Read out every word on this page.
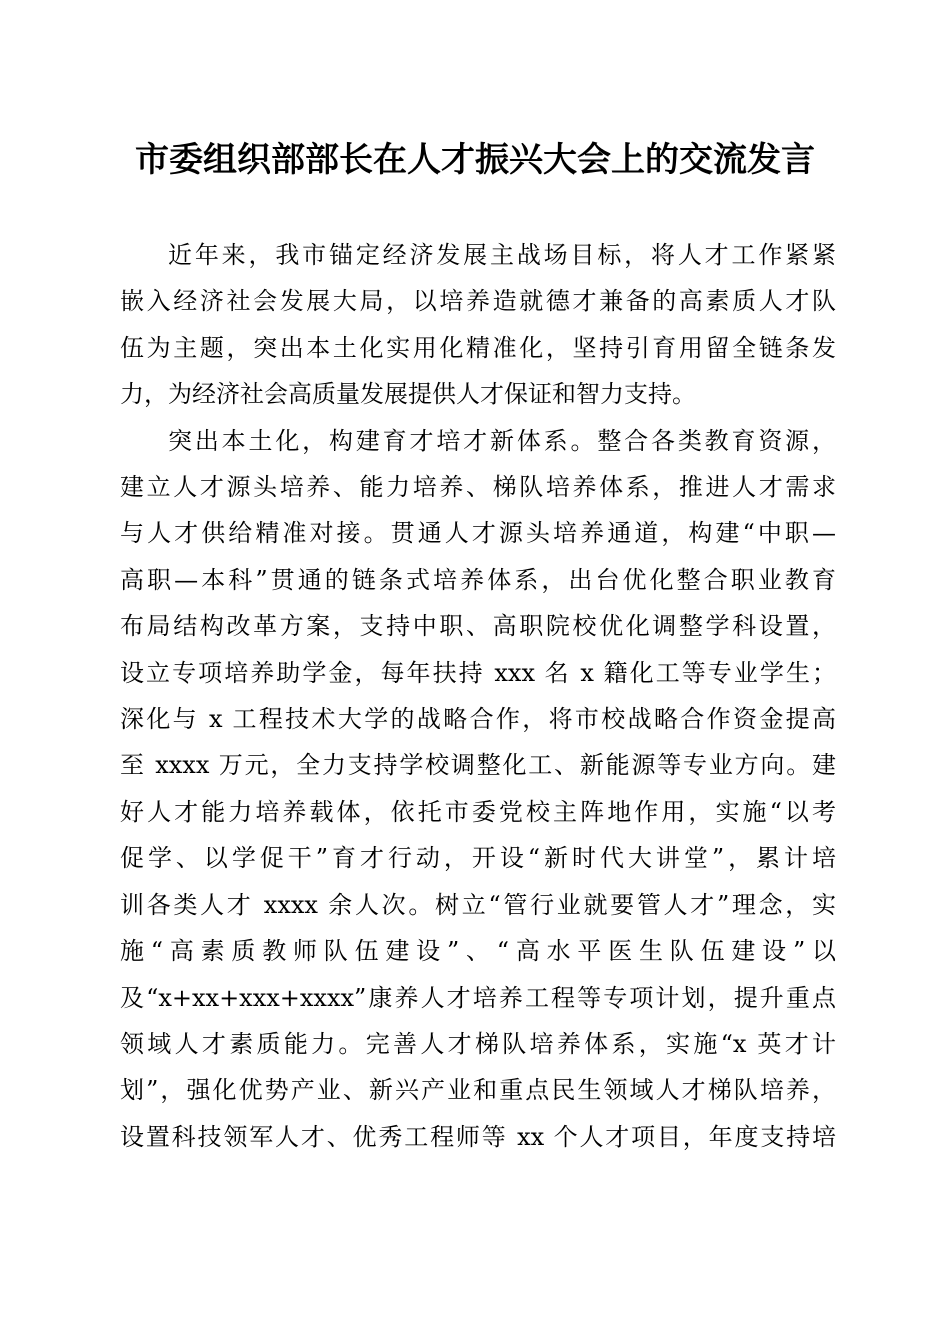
市委组织部部长在人才振兴大会上的交流发言
近年来，我市锚定经济发展主战场目标，将人才工作紧紧
嵌入经济社会发展大局，以培养造就德才兼备的高素质人才队
伍为主题，突出本土化实用化精准化，坚持引育用留全链条发
力，为经济社会高质量发展提供人才保证和智力支持。
突出本土化，构建育才培才新体系。整合各类教育资源，
建立人才源头培养、能力培养、梯队培养体系，推进人才需求
与人才供给精准对接。贯通人才源头培养通道，构建“中职—
高职—本科”贯通的链条式培养体系，出台优化整合职业教育
布局结构改革方案，支持中职、高职院校优化调整学科设置，
设立专项培养助学金，每年扶持 xxx 名 x 籍化工等专业学生；
深化与 x 工程技术大学的战略合作，将市校战略合作资金提高
至 xxxx 万元，全力支持学校调整化工、新能源等专业方向。建
好人才能力培养载体，依托市委党校主阵地作用，实施“以考
促学、以学促干”育才行动，开设“新时代大讲堂”，累计培
训各类人才 xxxx 余人次。树立“管行业就要管人才”理念，实
施“高素质教师队伍建设”、“高水平医生队伍建设”以
及“x+xx+xxx+xxxx”康养人才培养工程等专项计划，提升重点
领域人才素质能力。完善人才梯队培养体系，实施“x 英才计
划”，强化优势产业、新兴产业和重点民生领域人才梯队培养，
设置科技领军人才、优秀工程师等 xx 个人才项目，年度支持培
